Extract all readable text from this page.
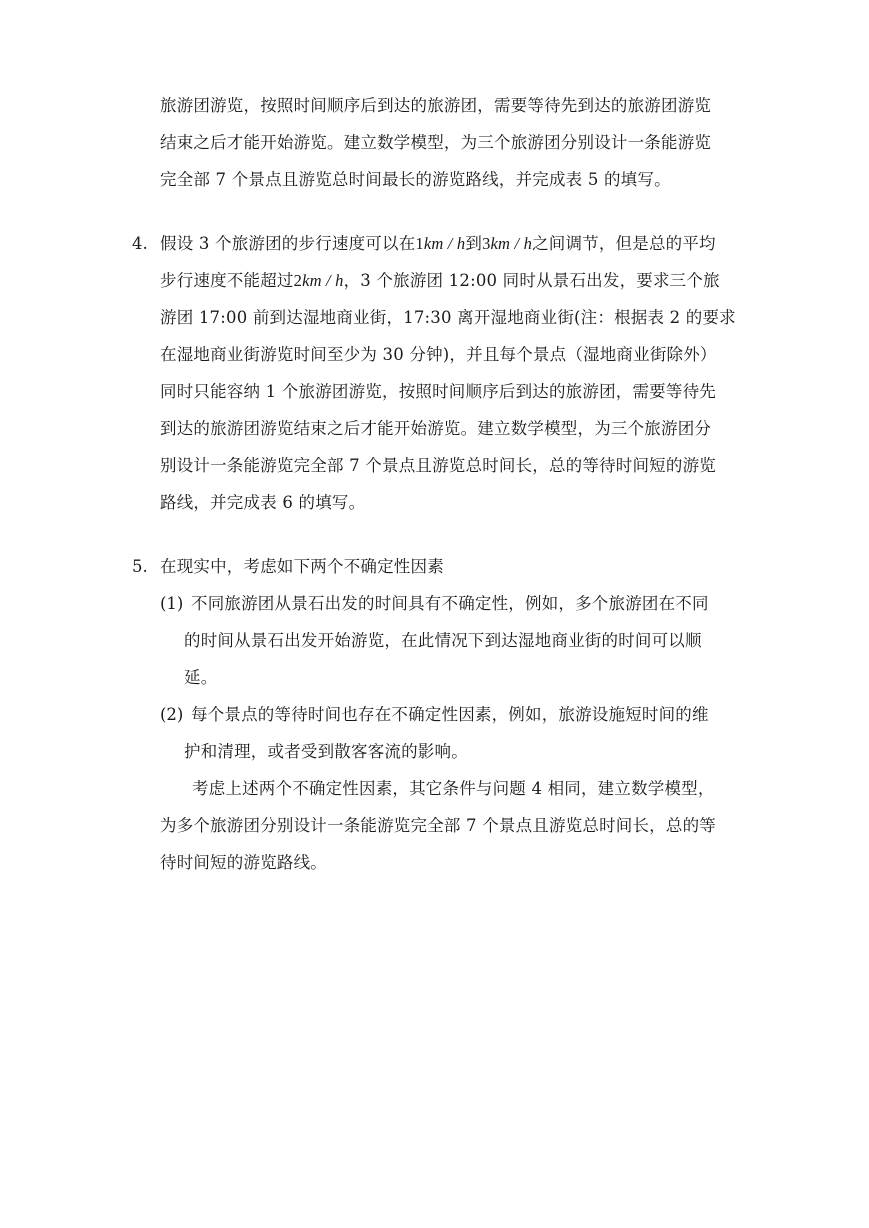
旅游团游览，按照时间顺序后到达的旅游团，需要等待先到达的旅游团游览
结束之后才能开始游览。建立数学模型，为三个旅游团分别设计一条能游览
完全部 7 个景点且游览总时间最长的游览路线，并完成表 5 的填写。
4. 假设 3 个旅游团的步行速度可以在1km / h到3km / h之间调节，但是总的平均
步行速度不能超过2km / h，3 个旅游团 12:00 同时从景石出发，要求三个旅
游团 17:00 前到达湿地商业街，17:30 离开湿地商业街(注：根据表 2 的要求
在湿地商业街游览时间至少为 30 分钟)，并且每个景点（湿地商业街除外）
同时只能容纳 1 个旅游团游览，按照时间顺序后到达的旅游团，需要等待先
到达的旅游团游览结束之后才能开始游览。建立数学模型，为三个旅游团分
别设计一条能游览完全部 7 个景点且游览总时间长，总的等待时间短的游览
路线，并完成表 6 的填写。
5. 在现实中，考虑如下两个不确定性因素
(1) 不同旅游团从景石出发的时间具有不确定性，例如，多个旅游团在不同
的时间从景石出发开始游览，在此情况下到达湿地商业街的时间可以顺
延。
(2) 每个景点的等待时间也存在不确定性因素，例如，旅游设施短时间的维
护和清理，或者受到散客客流的影响。
考虑上述两个不确定性因素，其它条件与问题 4 相同，建立数学模型，
为多个旅游团分别设计一条能游览完全部 7 个景点且游览总时间长，总的等
待时间短的游览路线。
